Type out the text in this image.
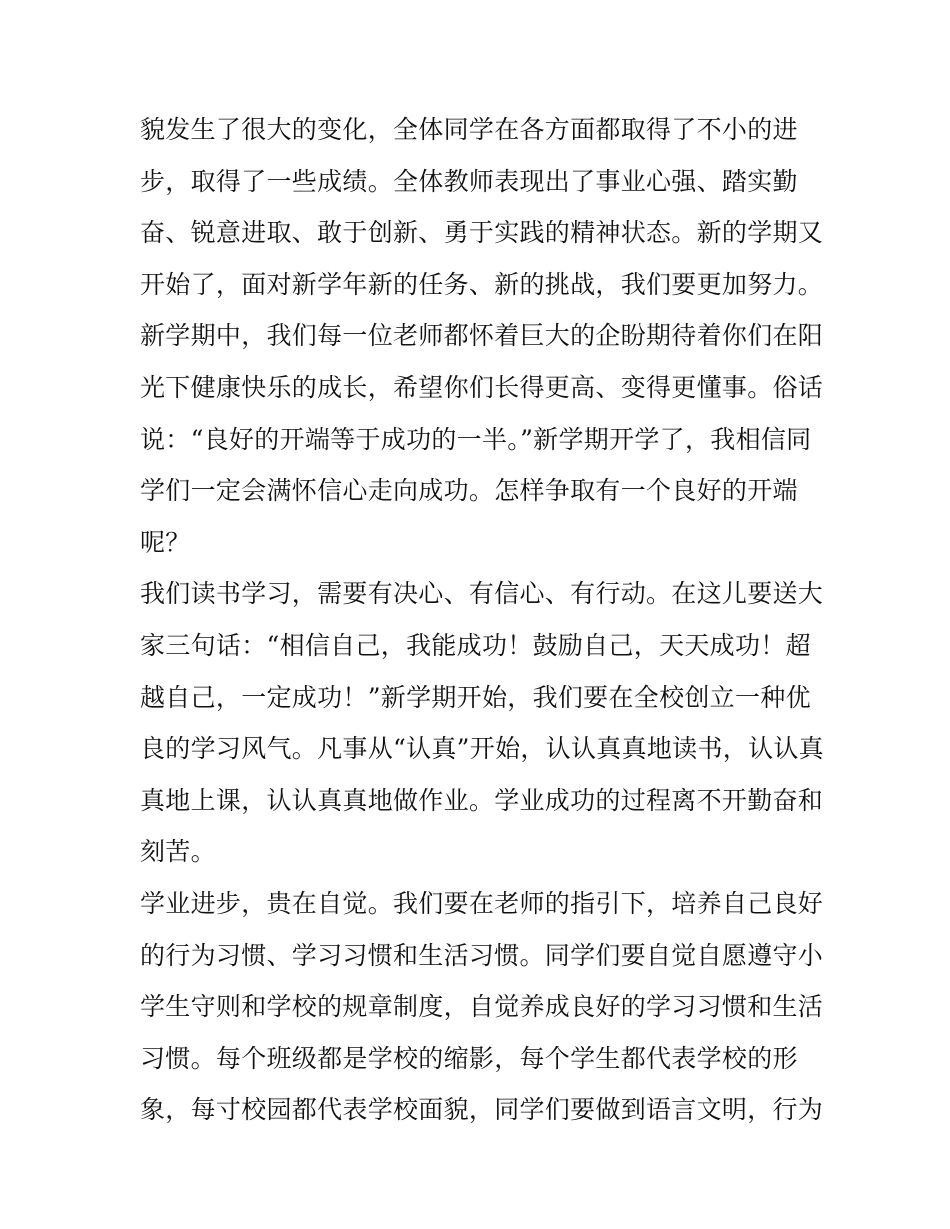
貌发生了很大的变化，全体同学在各方面都取得了不小的进
步，取得了一些成绩。全体教师表现出了事业心强、踏实勤
奋、锐意进取、敢于创新、勇于实践的精神状态。新的学期又
开始了，面对新学年新的任务、新的挑战，我们要更加努力。
新学期中，我们每一位老师都怀着巨大的企盼期待着你们在阳
光下健康快乐的成长，希望你们长得更高、变得更懂事。俗话
说：“良好的开端等于成功的一半。”新学期开学了，我相信同
学们一定会满怀信心走向成功。怎样争取有一个良好的开端
呢？
我们读书学习，需要有决心、有信心、有行动。在这儿要送大
家三句话：“相信自己，我能成功！鼓励自己，天天成功！超
越自己，一定成功！”新学期开始，我们要在全校创立一种优
良的学习风气。凡事从“认真”开始，认认真真地读书，认认真
真地上课，认认真真地做作业。学业成功的过程离不开勤奋和
刻苦。
学业进步，贵在自觉。我们要在老师的指引下，培养自己良好
的行为习惯、学习习惯和生活习惯。同学们要自觉自愿遵守小
学生守则和学校的规章制度，自觉养成良好的学习习惯和生活
习惯。每个班级都是学校的缩影，每个学生都代表学校的形
象，每寸校园都代表学校面貌，同学们要做到语言文明，行为
